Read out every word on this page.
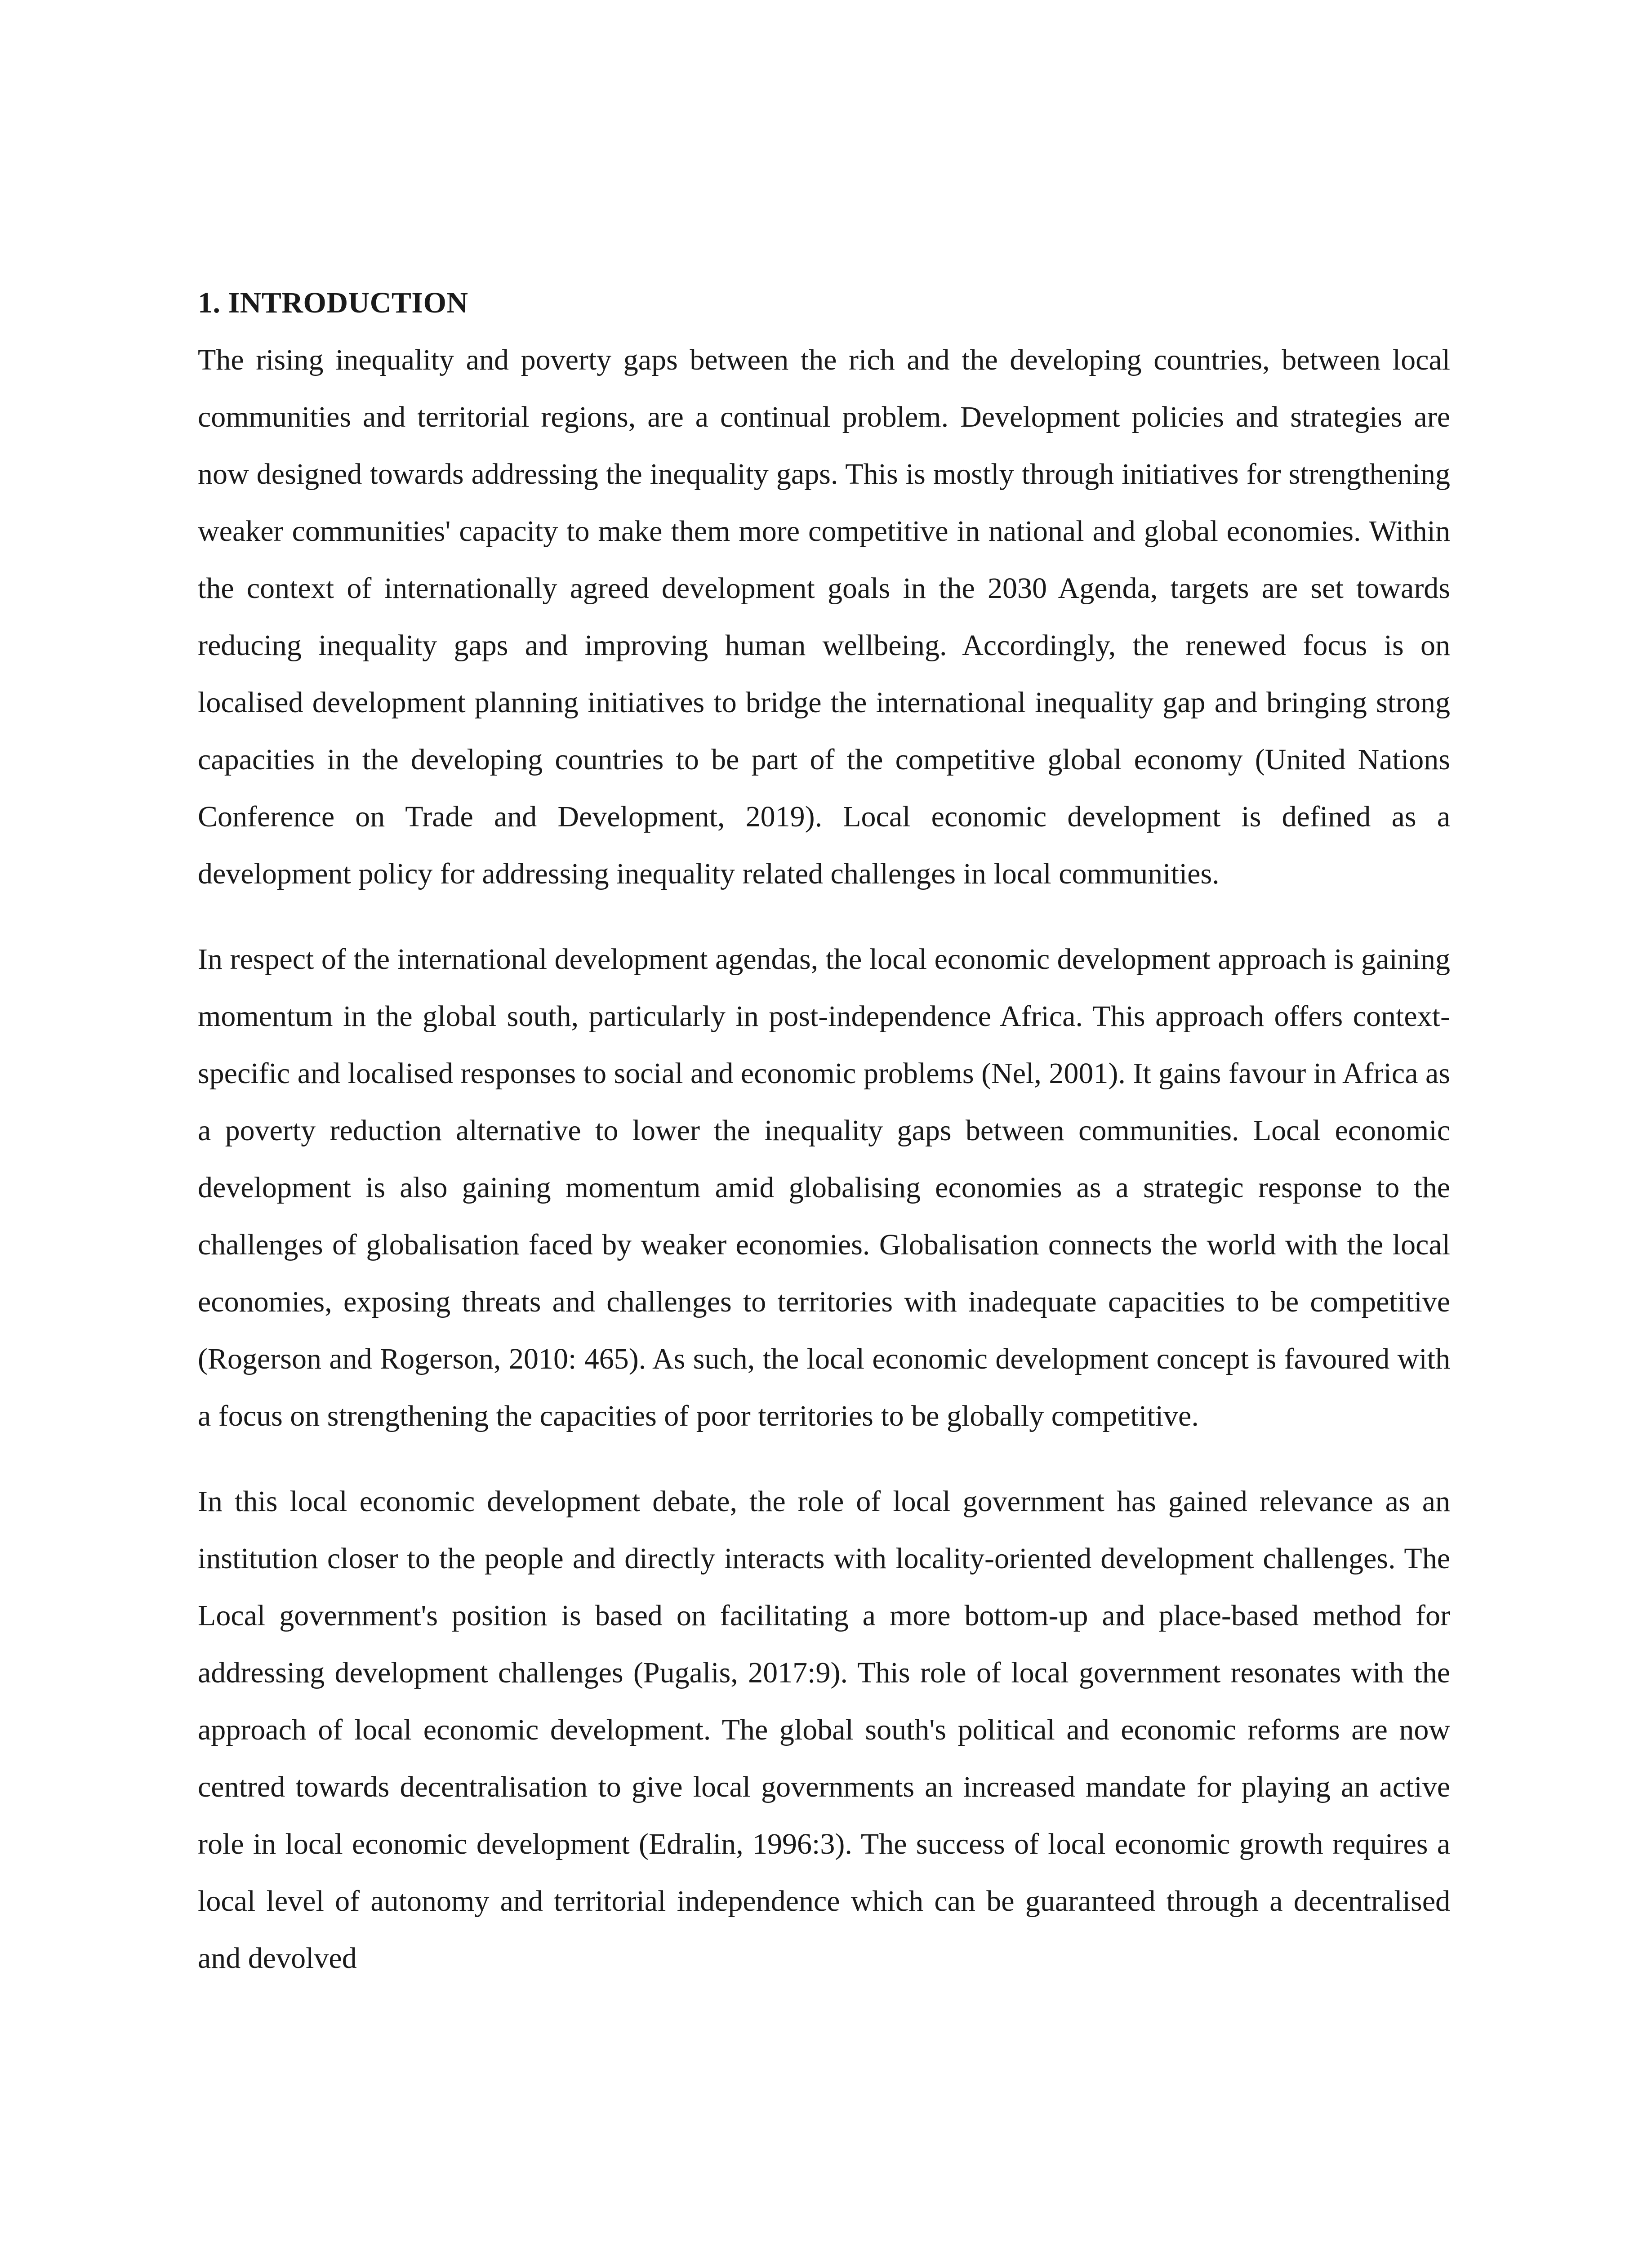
1. INTRODUCTION

The rising inequality and poverty gaps between the rich and the developing countries, between local communities and territorial regions, are a continual problem. Development policies and strategies are now designed towards addressing the inequality gaps. This is mostly through initiatives for strengthening weaker communities' capacity to make them more competitive in national and global economies. Within the context of internationally agreed development goals in the 2030 Agenda, targets are set towards reducing inequality gaps and improving human wellbeing. Accordingly, the renewed focus is on localised development planning initiatives to bridge the international inequality gap and bringing strong capacities in the developing countries to be part of the competitive global economy (United Nations Conference on Trade and Development, 2019). Local economic development is defined as a development policy for addressing inequality related challenges in local communities.

In respect of the international development agendas, the local economic development approach is gaining momentum in the global south, particularly in post-independence Africa. This approach offers context-specific and localised responses to social and economic problems (Nel, 2001). It gains favour in Africa as a poverty reduction alternative to lower the inequality gaps between communities. Local economic development is also gaining momentum amid globalising economies as a strategic response to the challenges of globalisation faced by weaker economies. Globalisation connects the world with the local economies, exposing threats and challenges to territories with inadequate capacities to be competitive (Rogerson and Rogerson, 2010: 465). As such, the local economic development concept is favoured with a focus on strengthening the capacities of poor territories to be globally competitive.

In this local economic development debate, the role of local government has gained relevance as an institution closer to the people and directly interacts with locality-oriented development challenges. The Local government's position is based on facilitating a more bottom-up and place-based method for addressing development challenges (Pugalis, 2017:9). This role of local government resonates with the approach of local economic development. The global south's political and economic reforms are now centred towards decentralisation to give local governments an increased mandate for playing an active role in local economic development (Edralin, 1996:3). The success of local economic growth requires a local level of autonomy and territorial independence which can be guaranteed through a decentralised and devolved
